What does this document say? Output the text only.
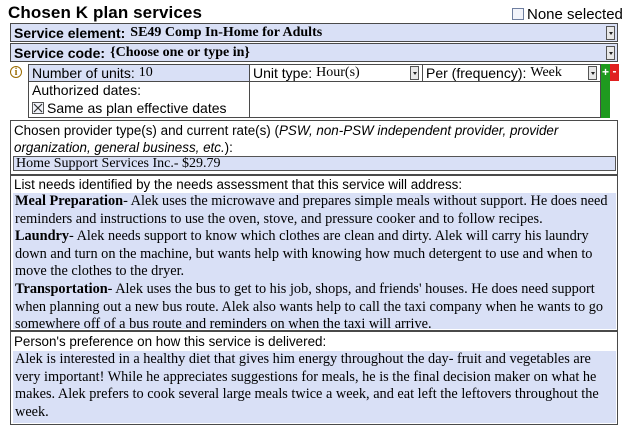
Chosen K plan services	None selected
Service element: SE49 Comp In-Home for Adults
Service code: {Choose one or type in}
i	Number of units: 10	Unit type: Hour(s)	Per (frequency): Week	+ -
Authorized dates:
Same as plan effective dates
Chosen provider type(s) and current rate(s) (PSW, non-PSW independent provider, provider organization, general business, etc.):
Home Support Services Inc.- $29.79
List needs identified by the needs assessment that this service will address:
Meal Preparation- Alek uses the microwave and prepares simple meals without support. He does need reminders and instructions to use the oven, stove, and pressure cooker and to follow recipes.
Laundry- Alek needs support to know which clothes are clean and dirty. Alek will carry his laundry down and turn on the machine, but wants help with knowing how much detergent to use and when to move the clothes to the dryer.
Transportation- Alek uses the bus to get to his job, shops, and friends' houses. He does need support when planning out a new bus route. Alek also wants help to call the taxi company when he wants to go somewhere off of a bus route and reminders on when the taxi will arrive.
Person's preference on how this service is delivered:
Alek is interested in a healthy diet that gives him energy throughout the day- fruit and vegetables are very important! While he appreciates suggestions for meals, he is the final decision maker on what he makes. Alek prefers to cook several large meals twice a week, and eat left the leftovers throughout the week.
